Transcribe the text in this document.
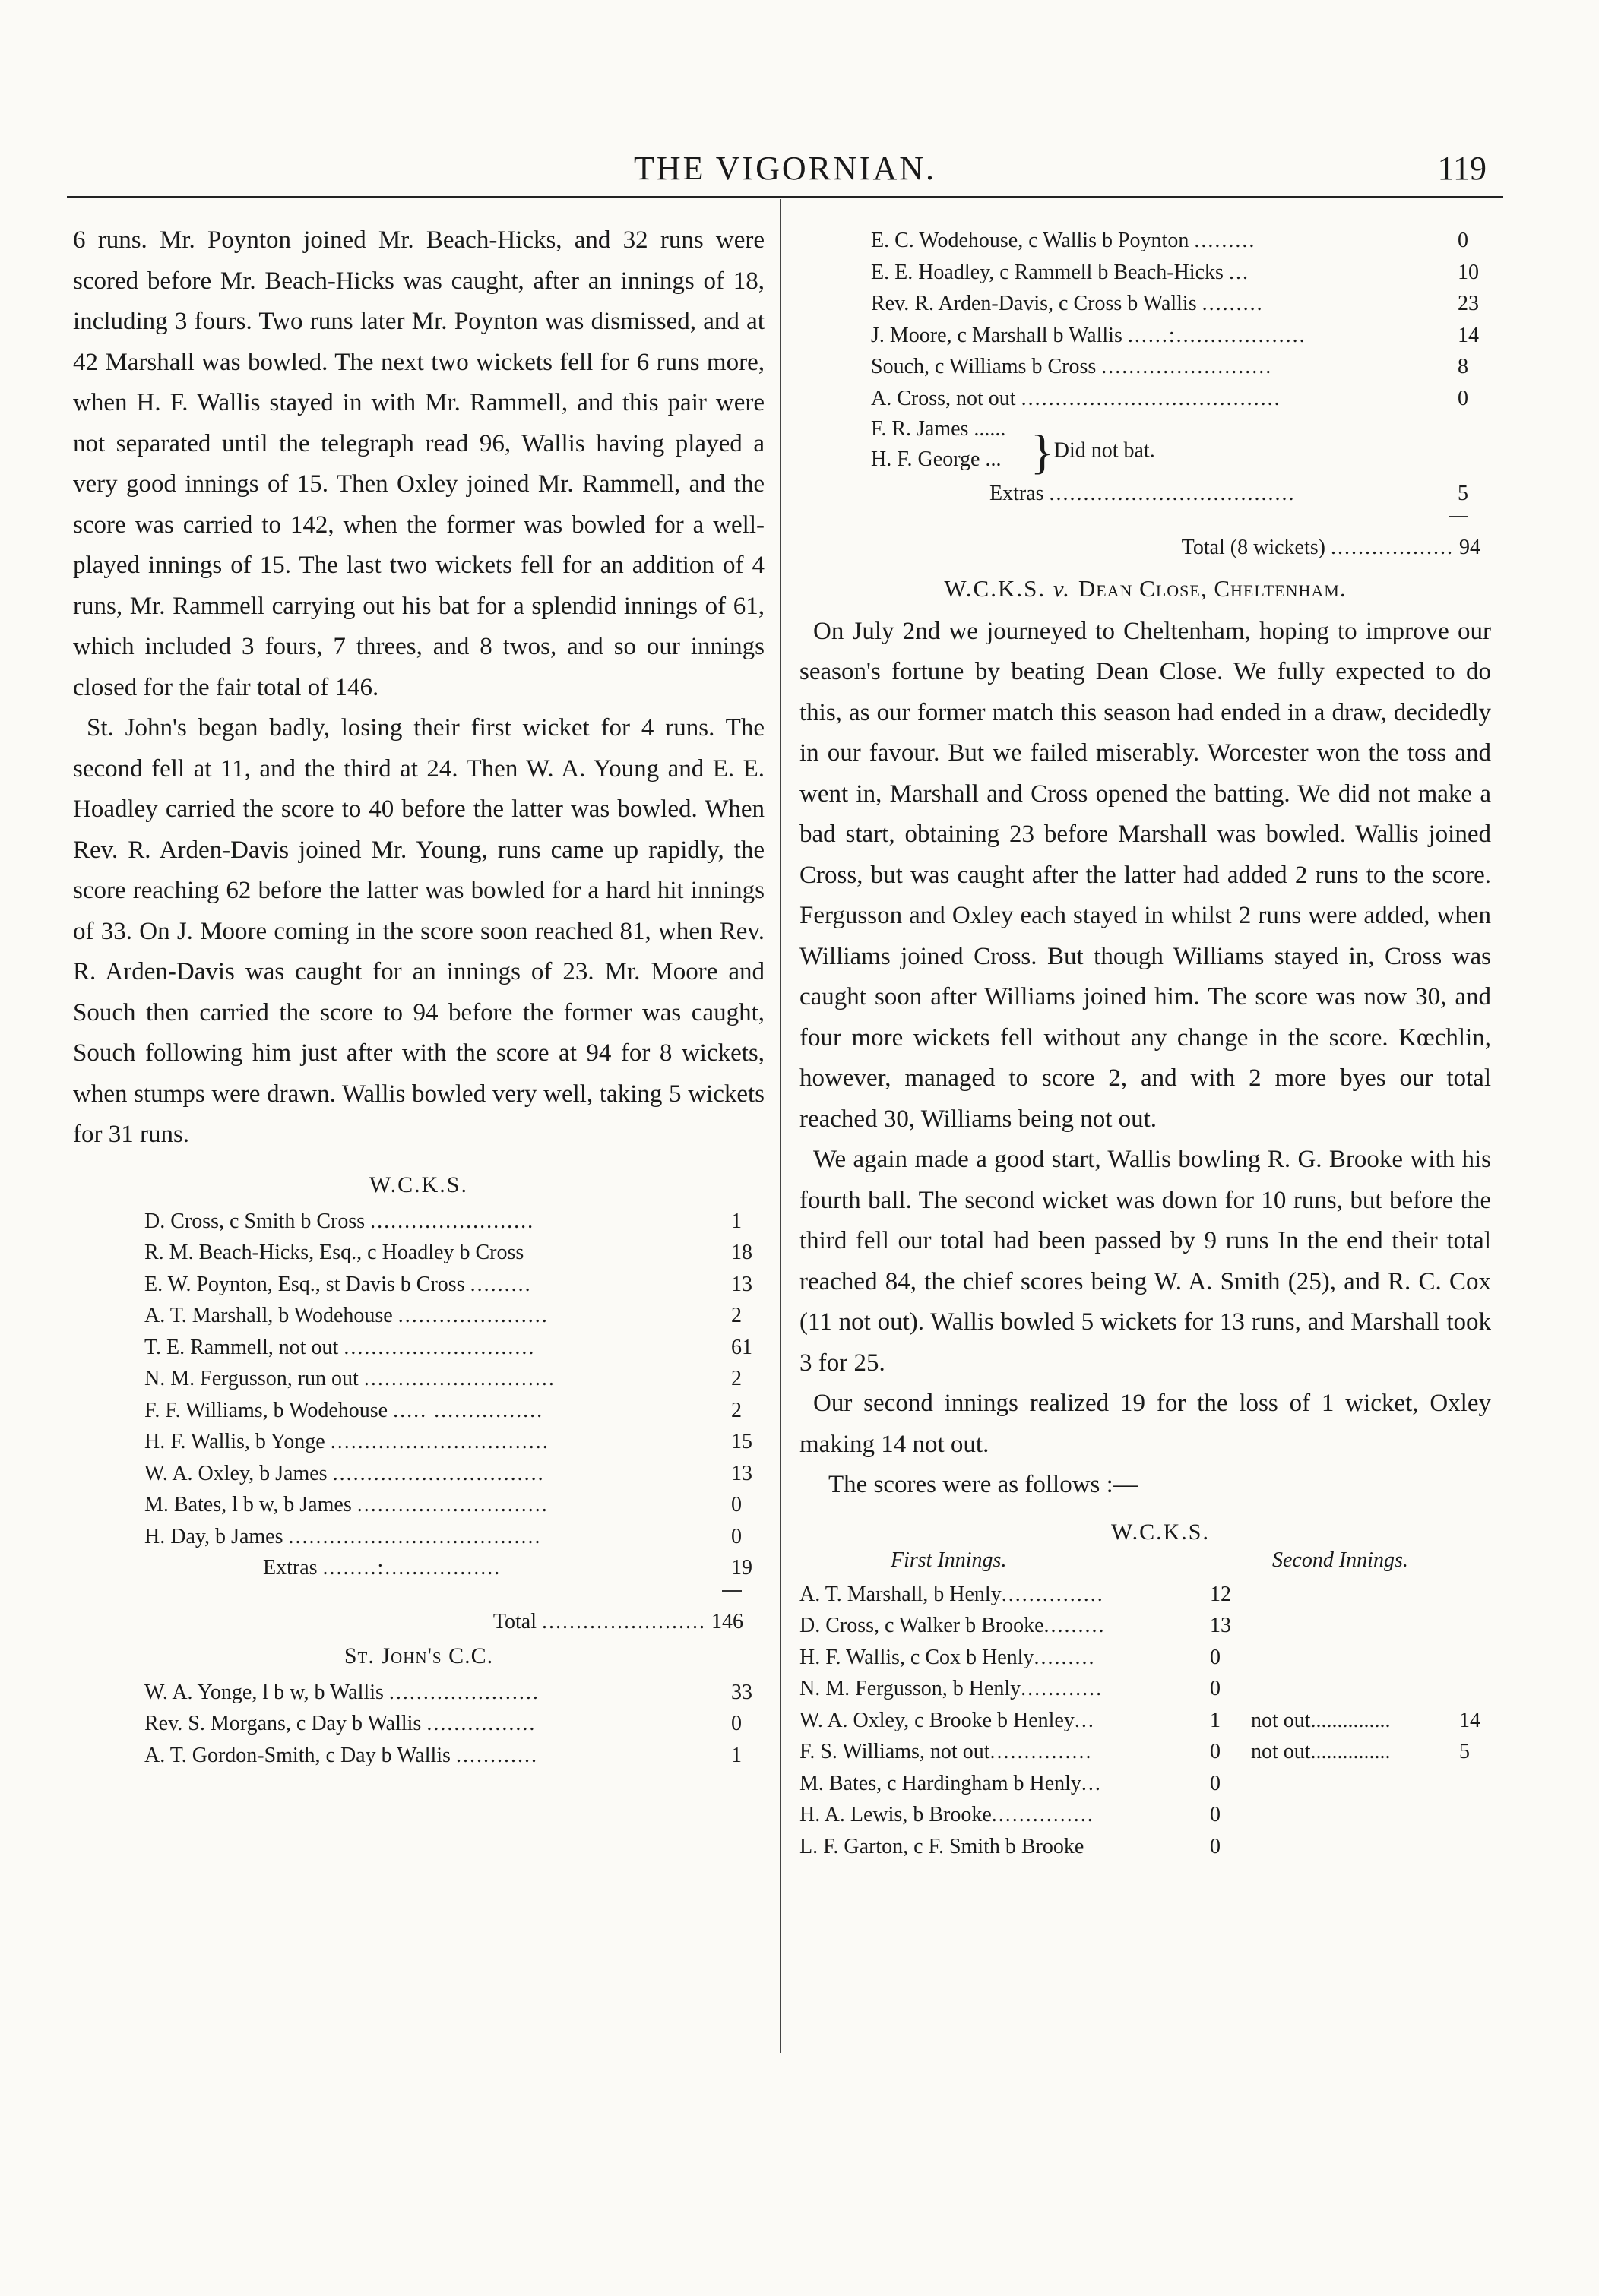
THE VIGORNIAN.	119

6 runs. Mr. Poynton joined Mr. Beach-Hicks, and 32 runs were scored before Mr. Beach-Hicks was caught, after an innings of 18, including 3 fours. Two runs later Mr. Poynton was dismissed, and at 42 Marshall was bowled. The next two wickets fell for 6 runs more, when H. F. Wallis stayed in with Mr. Rammell, and this pair were not separated until the telegraph read 96, Wallis having played a very good innings of 15. Then Oxley joined Mr. Rammell, and the score was carried to 142, when the former was bowled for a well-played innings of 15. The last two wickets fell for an addition of 4 runs, Mr. Rammell carrying out his bat for a splendid innings of 61, which included 3 fours, 7 threes, and 8 twos, and so our innings closed for the fair total of 146.

St. John's began badly, losing their first wicket for 4 runs. The second fell at 11, and the third at 24. Then W. A. Young and E. E. Hoadley carried the score to 40 before the latter was bowled. When Rev. R. Arden-Davis joined Mr. Young, runs came up rapidly, the score reaching 62 before the latter was bowled for a hard hit innings of 33. On J. Moore coming in the score soon reached 81, when Rev. R. Arden-Davis was caught for an innings of 23. Mr. Moore and Souch then carried the score to 94 before the former was caught, Souch following him just after with the score at 94 for 8 wickets, when stumps were drawn. Wallis bowled very well, taking 5 wickets for 31 runs.

W.C.K.S.
D. Cross, c Smith b Cross ........................	1
R. M. Beach-Hicks, Esq., c Hoadley b Cross	18
E. W. Poynton, Esq., st Davis b Cross .........	13
A. T. Marshall, b Wodehouse ......................	2
T. E. Rammell, not out ............................	61
N. M. Fergusson, run out ............................	2
F. F. Williams, b Wodehouse ..... ................	2
H. F. Wallis, b Yonge ................................	15
W. A. Oxley, b James ...............................	13
M. Bates, l b w, b James ............................	0
H. Day, b James .....................................	0
Extras ........:.................	19
Total ........................ 146
St. John's C.C.
W. A. Yonge, l b w, b Wallis ......................	33
Rev. S. Morgans, c Day b Wallis ................	0
A. T. Gordon-Smith, c Day b Wallis ............	1
E. C. Wodehouse, c Wallis b Poynton .........	0
E. E. Hoadley, c Rammell b Beach-Hicks ...	10
Rev. R. Arden-Davis, c Cross b Wallis .........	23
J. Moore, c Marshall b Wallis ......:...................	14
Souch, c Williams b Cross .........................	8
A. Cross, not out ......................................	0
F. R. James ......
H. F. George ... }Did not bat.
Extras ....................................	5
Total (8 wickets) .................. 94
W.C.K.S. v. Dean Close, Cheltenham.

On July 2nd we journeyed to Cheltenham, hoping to improve our season's fortune by beating Dean Close. We fully expected to do this, as our former match this season had ended in a draw, decidedly in our favour. But we failed miserably. Worcester won the toss and went in, Marshall and Cross opened the batting. We did not make a bad start, obtaining 23 before Marshall was bowled. Wallis joined Cross, but was caught after the latter had added 2 runs to the score. Fergusson and Oxley each stayed in whilst 2 runs were added, when Williams joined Cross. But though Williams stayed in, Cross was caught soon after Williams joined him. The score was now 30, and four more wickets fell without any change in the score. Kœchlin, however, managed to score 2, and with 2 more byes our total reached 30, Williams being not out.

We again made a good start, Wallis bowling R. G. Brooke with his fourth ball. The second wicket was down for 10 runs, but before the third fell our total had been passed by 9 runs In the end their total reached 84, the chief scores being W. A. Smith (25), and R. C. Cox (11 not out). Wallis bowled 5 wickets for 13 runs, and Marshall took 3 for 25.

Our second innings realized 19 for the loss of 1 wicket, Oxley making 14 not out.

The scores were as follows :—

W.C.K.S.
First Innings.	Second Innings.
A. T. Marshall, b Henly...............	12
D. Cross, c Walker b Brooke.........	13
H. F. Wallis, c Cox b Henly.........	0
N. M. Fergusson, b Henly............	0
W. A. Oxley, c Brooke b Henley...	1 not out...............	14
F. S. Williams, not out...............	0 not out...............	5
M. Bates, c Hardingham b Henly...	0
H. A. Lewis, b Brooke...............	0
L. F. Garton, c F. Smith b Brooke	0
